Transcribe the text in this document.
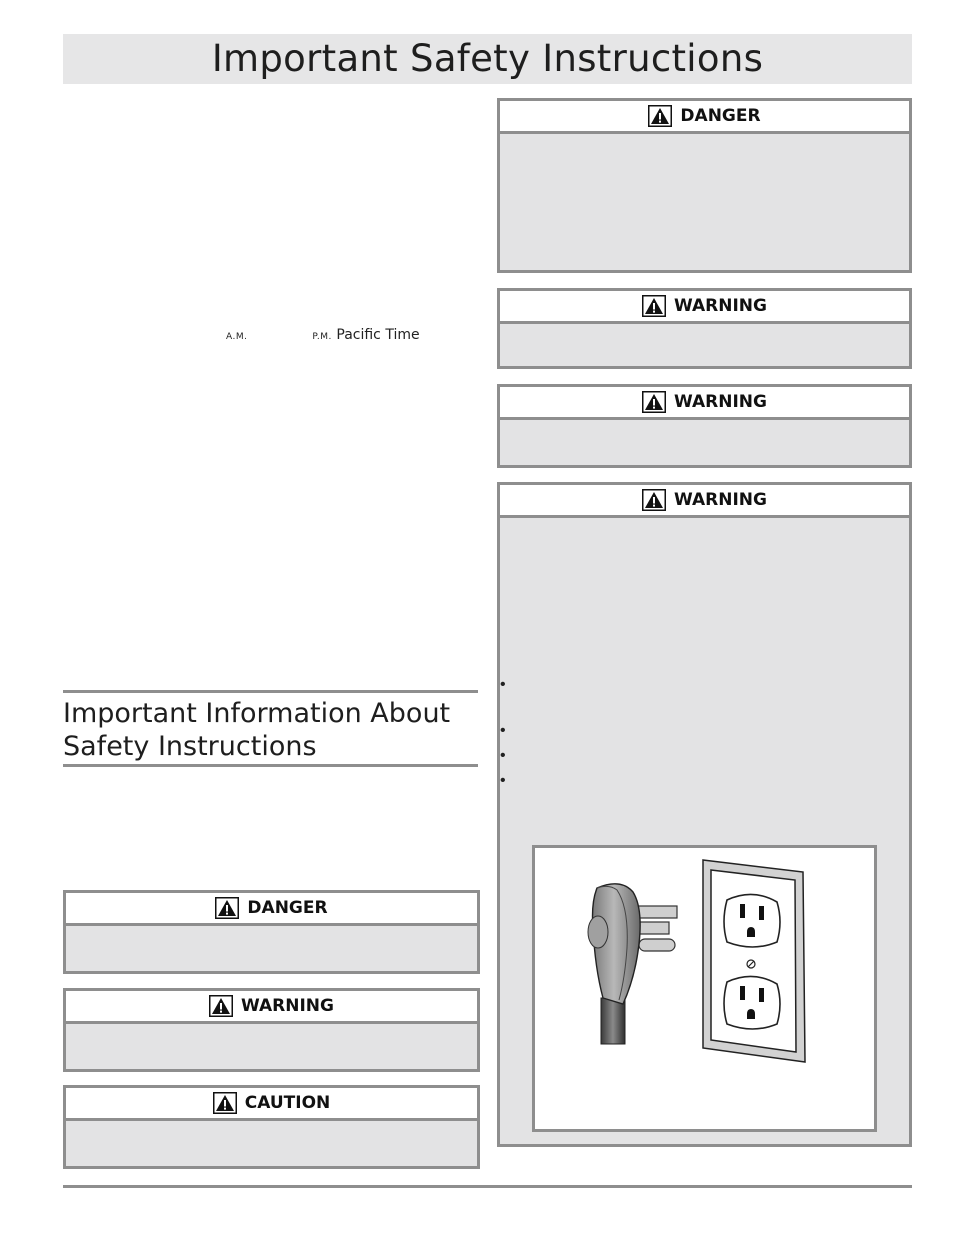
Important Safety Instructions
A.M.	P.M. Pacific Time
Important Information About
Safety Instructions
DANGER
WARNING
WARNING
WARNING
•
•
•
•
DANGER
WARNING
CAUTION
